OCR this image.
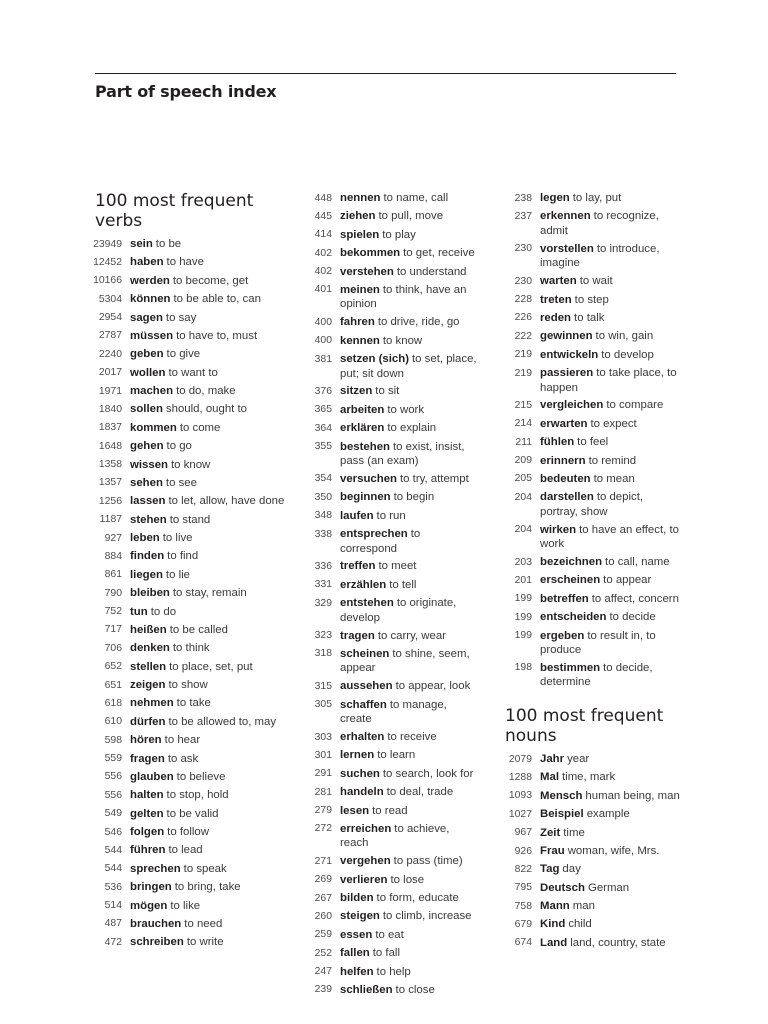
Part of speech index
100 most frequent verbs
23949 sein to be
12452 haben to have
10166 werden to become, get
5304 können to be able to, can
2954 sagen to say
2787 müssen to have to, must
2240 geben to give
2017 wollen to want to
1971 machen to do, make
1840 sollen should, ought to
1837 kommen to come
1648 gehen to go
1358 wissen to know
1357 sehen to see
1256 lassen to let, allow, have done
1187 stehen to stand
927 leben to live
884 finden to find
861 liegen to lie
790 bleiben to stay, remain
752 tun to do
717 heißen to be called
706 denken to think
652 stellen to place, set, put
651 zeigen to show
618 nehmen to take
610 dürfen to be allowed to, may
598 hören to hear
559 fragen to ask
556 glauben to believe
556 halten to stop, hold
549 gelten to be valid
546 folgen to follow
544 führen to lead
544 sprechen to speak
536 bringen to bring, take
514 mögen to like
487 brauchen to need
472 schreiben to write
448 nennen to name, call
445 ziehen to pull, move
414 spielen to play
402 bekommen to get, receive
402 verstehen to understand
401 meinen to think, have an opinion
400 fahren to drive, ride, go
400 kennen to know
381 setzen (sich) to set, place, put; sit down
376 sitzen to sit
365 arbeiten to work
364 erklären to explain
355 bestehen to exist, insist, pass (an exam)
354 versuchen to try, attempt
350 beginnen to begin
348 laufen to run
338 entsprechen to correspond
336 treffen to meet
331 erzählen to tell
329 entstehen to originate, develop
323 tragen to carry, wear
318 scheinen to shine, seem, appear
315 aussehen to appear, look
305 schaffen to manage, create
303 erhalten to receive
301 lernen to learn
291 suchen to search, look for
281 handeln to deal, trade
279 lesen to read
272 erreichen to achieve, reach
271 vergehen to pass (time)
269 verlieren to lose
267 bilden to form, educate
260 steigen to climb, increase
259 essen to eat
252 fallen to fall
247 helfen to help
239 schließen to close
238 legen to lay, put
237 erkennen to recognize, admit
230 vorstellen to introduce, imagine
230 warten to wait
228 treten to step
226 reden to talk
222 gewinnen to win, gain
219 entwickeln to develop
219 passieren to take place, to happen
215 vergleichen to compare
214 erwarten to expect
211 fühlen to feel
209 erinnern to remind
205 bedeuten to mean
204 darstellen to depict, portray, show
204 wirken to have an effect, to work
203 bezeichnen to call, name
201 erscheinen to appear
199 betreffen to affect, concern
199 entscheiden to decide
199 ergeben to result in, to produce
198 bestimmen to decide, determine
100 most frequent nouns
2079 Jahr year
1288 Mal time, mark
1093 Mensch human being, man
1027 Beispiel example
967 Zeit time
926 Frau woman, wife, Mrs.
822 Tag day
795 Deutsch German
758 Mann man
679 Kind child
674 Land land, country, state
